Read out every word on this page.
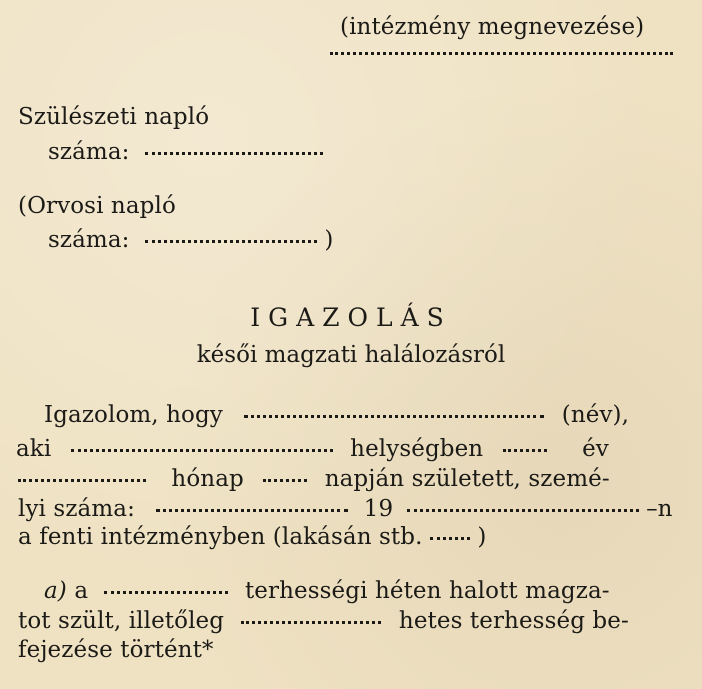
(intézmény megnevezése)
Szülészeti napló
száma:
(Orvosi napló
száma:	)
IGAZOLÁS
késői magzati halálozásról
Igazolom, hogy	(név),
aki	helységben	év
hónap	napján született, szemé-
lyi száma:	19	–n
a fenti intézményben (lakásán stb. )
a) a	terhességi héten halott magza-
tot szült, illetőleg	hetes terhesség be-
fejezése történt*
